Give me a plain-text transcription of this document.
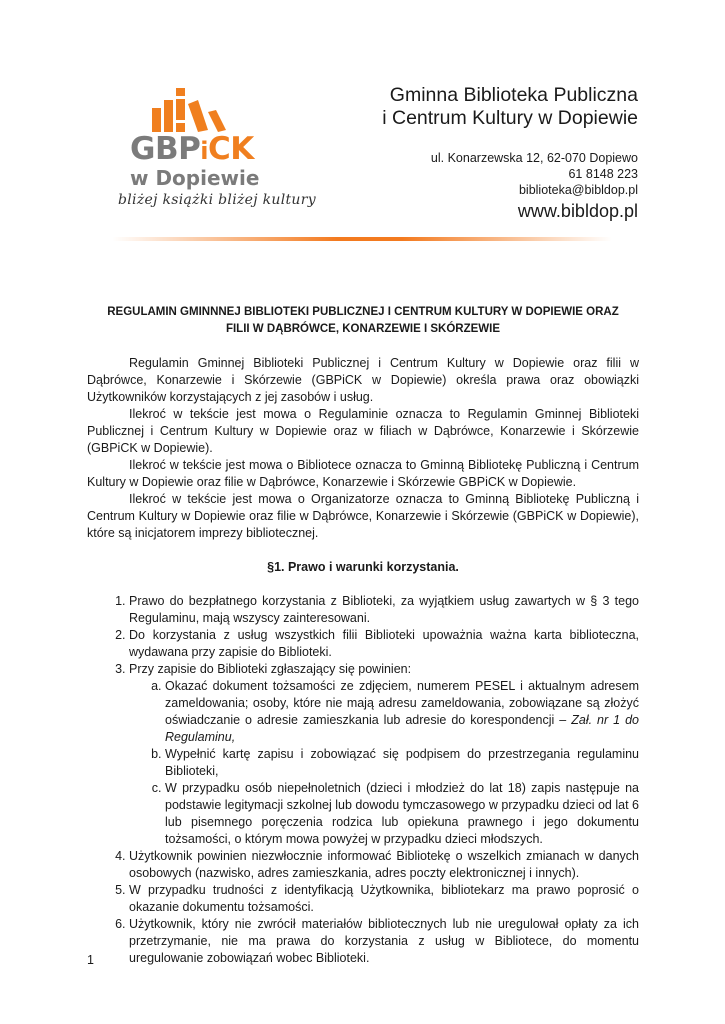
GBPiCK
w Dopiewie
bliżej książki bliżej kultury
Gminna Biblioteka Publiczna
i Centrum Kultury w Dopiewie
ul. Konarzewska 12, 62-070 Dopiewo
61 8148 223
biblioteka@bibldop.pl
www.bibldop.pl
REGULAMIN GMINNNEJ BIBLIOTEKI PUBLICZNEJ I CENTRUM KULTURY W DOPIEWIE ORAZ
FILII W DĄBRÓWCE, KONARZEWIE I SKÓRZEWIE

Regulamin Gminnej Biblioteki Publicznej i Centrum Kultury w Dopiewie oraz filii w Dąbrówce, Konarzewie i Skórzewie (GBPiCK w Dopiewie) określa prawa oraz obowiązki Użytkowników korzystających z jej zasobów i usług.

Ilekroć w tekście jest mowa o Regulaminie oznacza to Regulamin Gminnej Biblioteki Publicznej i Centrum Kultury w Dopiewie oraz w filiach w Dąbrówce, Konarzewie i Skórzewie (GBPiCK w Dopiewie).

Ilekroć w tekście jest mowa o Bibliotece oznacza to Gminną Bibliotekę Publiczną i Centrum Kultury w Dopiewie oraz filie w Dąbrówce, Konarzewie i Skórzewie GBPiCK w Dopiewie.

Ilekroć w tekście jest mowa o Organizatorze oznacza to Gminną Bibliotekę Publiczną i Centrum Kultury w Dopiewie oraz filie w Dąbrówce, Konarzewie i Skórzewie (GBPiCK w Dopiewie), które są inicjatorem imprezy bibliotecznej.

§1. Prawo i warunki korzystania.
1. Prawo do bezpłatnego korzystania z Biblioteki, za wyjątkiem usług zawartych w § 3 tego Regulaminu, mają wszyscy zainteresowani.
2. Do korzystania z usług wszystkich filii Biblioteki upoważnia ważna karta biblioteczna, wydawana przy zapisie do Biblioteki.
3. Przy zapisie do Biblioteki zgłaszający się powinien:
a. Okazać dokument tożsamości ze zdjęciem, numerem PESEL i aktualnym adresem zameldowania; osoby, które nie mają adresu zameldowania, zobowiązane są złożyć oświadczanie o adresie zamieszkania lub adresie do korespondencji – Zał. nr 1 do Regulaminu,
b. Wypełnić kartę zapisu i zobowiązać się podpisem do przestrzegania regulaminu Biblioteki,
c. W przypadku osób niepełnoletnich (dzieci i młodzież do lat 18) zapis następuje na podstawie legitymacji szkolnej lub dowodu tymczasowego w przypadku dzieci od lat 6 lub pisemnego poręczenia rodzica lub opiekuna prawnego i jego dokumentu tożsamości, o którym mowa powyżej w przypadku dzieci młodszych.
4. Użytkownik powinien niezwłocznie informować Bibliotekę o wszelkich zmianach w danych osobowych (nazwisko, adres zamieszkania, adres poczty elektronicznej i innych).
5. W przypadku trudności z identyfikacją Użytkownika, bibliotekarz ma prawo poprosić o okazanie dokumentu tożsamości.
6. Użytkownik, który nie zwrócił materiałów bibliotecznych lub nie uregulował opłaty za ich przetrzymanie, nie ma prawa do korzystania z usług w Bibliotece, do momentu uregulowanie zobowiązań wobec Biblioteki.
1
